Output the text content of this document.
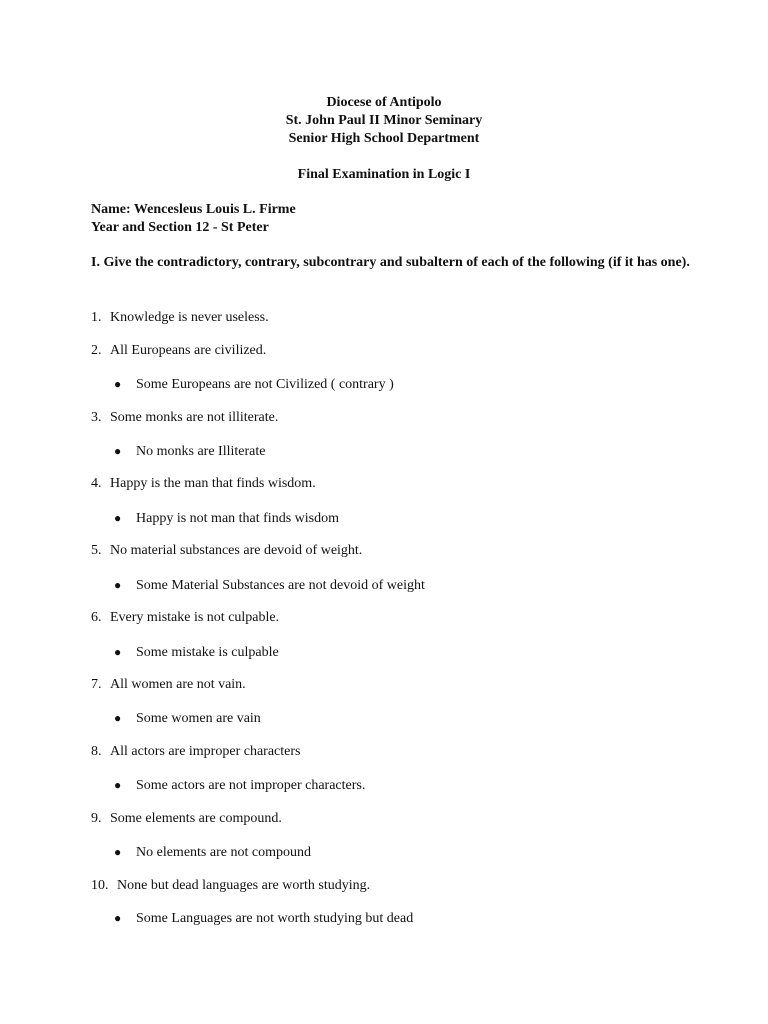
Diocese of Antipolo
St. John Paul II Minor Seminary
Senior High School Department
Final Examination in Logic I
Name: Wencesleus Louis L. Firme
Year and Section 12 - St Peter
I. Give the contradictory, contrary, subcontrary and subaltern of each of the following (if it has one).
1. Knowledge is never useless.
2. All Europeans are civilized.
● Some Europeans are not Civilized ( contrary )
3. Some monks are not illiterate.
● No monks are Illiterate
4. Happy is the man that finds wisdom.
● Happy is not man that finds wisdom
5. No material substances are devoid of weight.
● Some Material Substances are not devoid of weight
6. Every mistake is not culpable.
● Some mistake is culpable
7. All women are not vain.
● Some women are vain
8. All actors are improper characters
● Some actors are not improper characters.
9. Some elements are compound.
● No elements are not compound
10. None but dead languages are worth studying.
● Some Languages are not worth studying but dead
